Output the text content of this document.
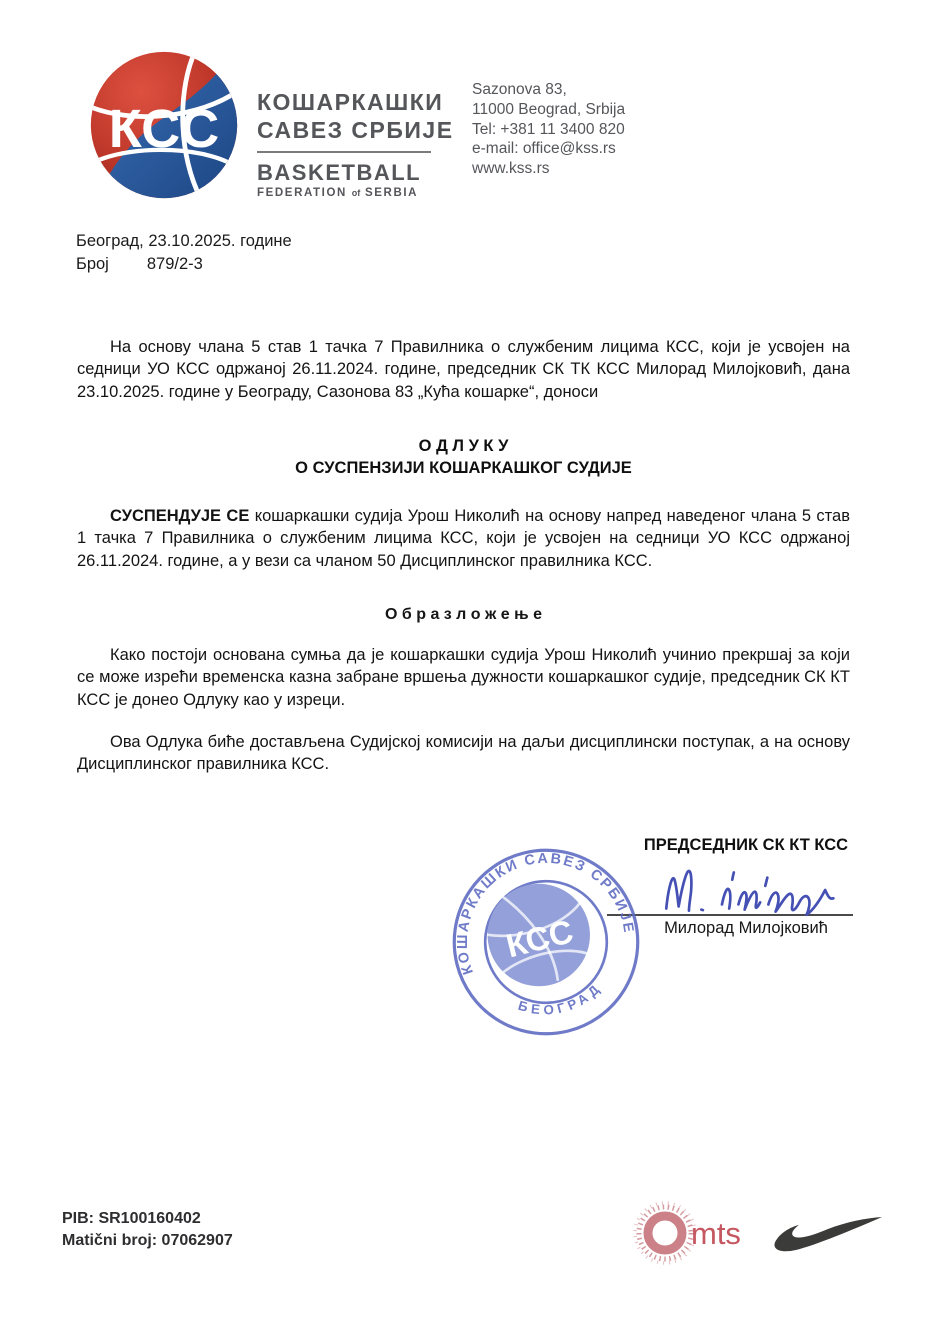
КСС КОШАРКАШКИ
САВЕЗ СРБИЈЕ
BASKETBALL
FEDERATION of SERBIA
Sazonova 83,
11000 Beograd, Srbija
Tel: +381 11 3400 820
e-mail: office@kss.rs
www.kss.rs
Београд, 23.10.2025. године
Број 879/2-3
На основу члана 5 став 1 тачка 7 Правилника о службеним лицима КСС, који је усвојен на седници УО КСС одржаној 26.11.2024. године, председник СК ТК КСС Милорад Милојковић, дана 23.10.2025. године у Београду, Сазонова 83 „Кућа кошарке“, доноси
О Д Л У К У
О СУСПЕНЗИЈИ КОШАРКАШКОГ СУДИЈЕ
СУСПЕНДУЈЕ СЕ кошаркашки судија Урош Николић на основу напред наведеног члана 5 став 1 тачка 7 Правилника о службеним лицима КСС, који је усвојен на седници УО КСС одржаној 26.11.2024. године, а у вези са чланом 50 Дисциплинског правилника КСС.
О б р а з л о ж е њ е
Како постоји основана сумња да је кошаркашки судија Урош Николић учинио прекршај за који се може изрећи временска казна забране вршења дужности кошаркашког судије, председник СК КТ КСС је донео Одлуку као у изреци.
Ова Одлука биће достављена Судијској комисији на даљи дисциплински поступак, а на основу Дисциплинског правилника КСС.
ПРЕДСЕДНИК СК КТ КСС
КОШАРКАШКИ САВЕЗ СРБИЈЕ
БЕОГРАД
КСС	Милорад Милојковић
PIB: SR100160402
Matični broj: 07062907	mts
